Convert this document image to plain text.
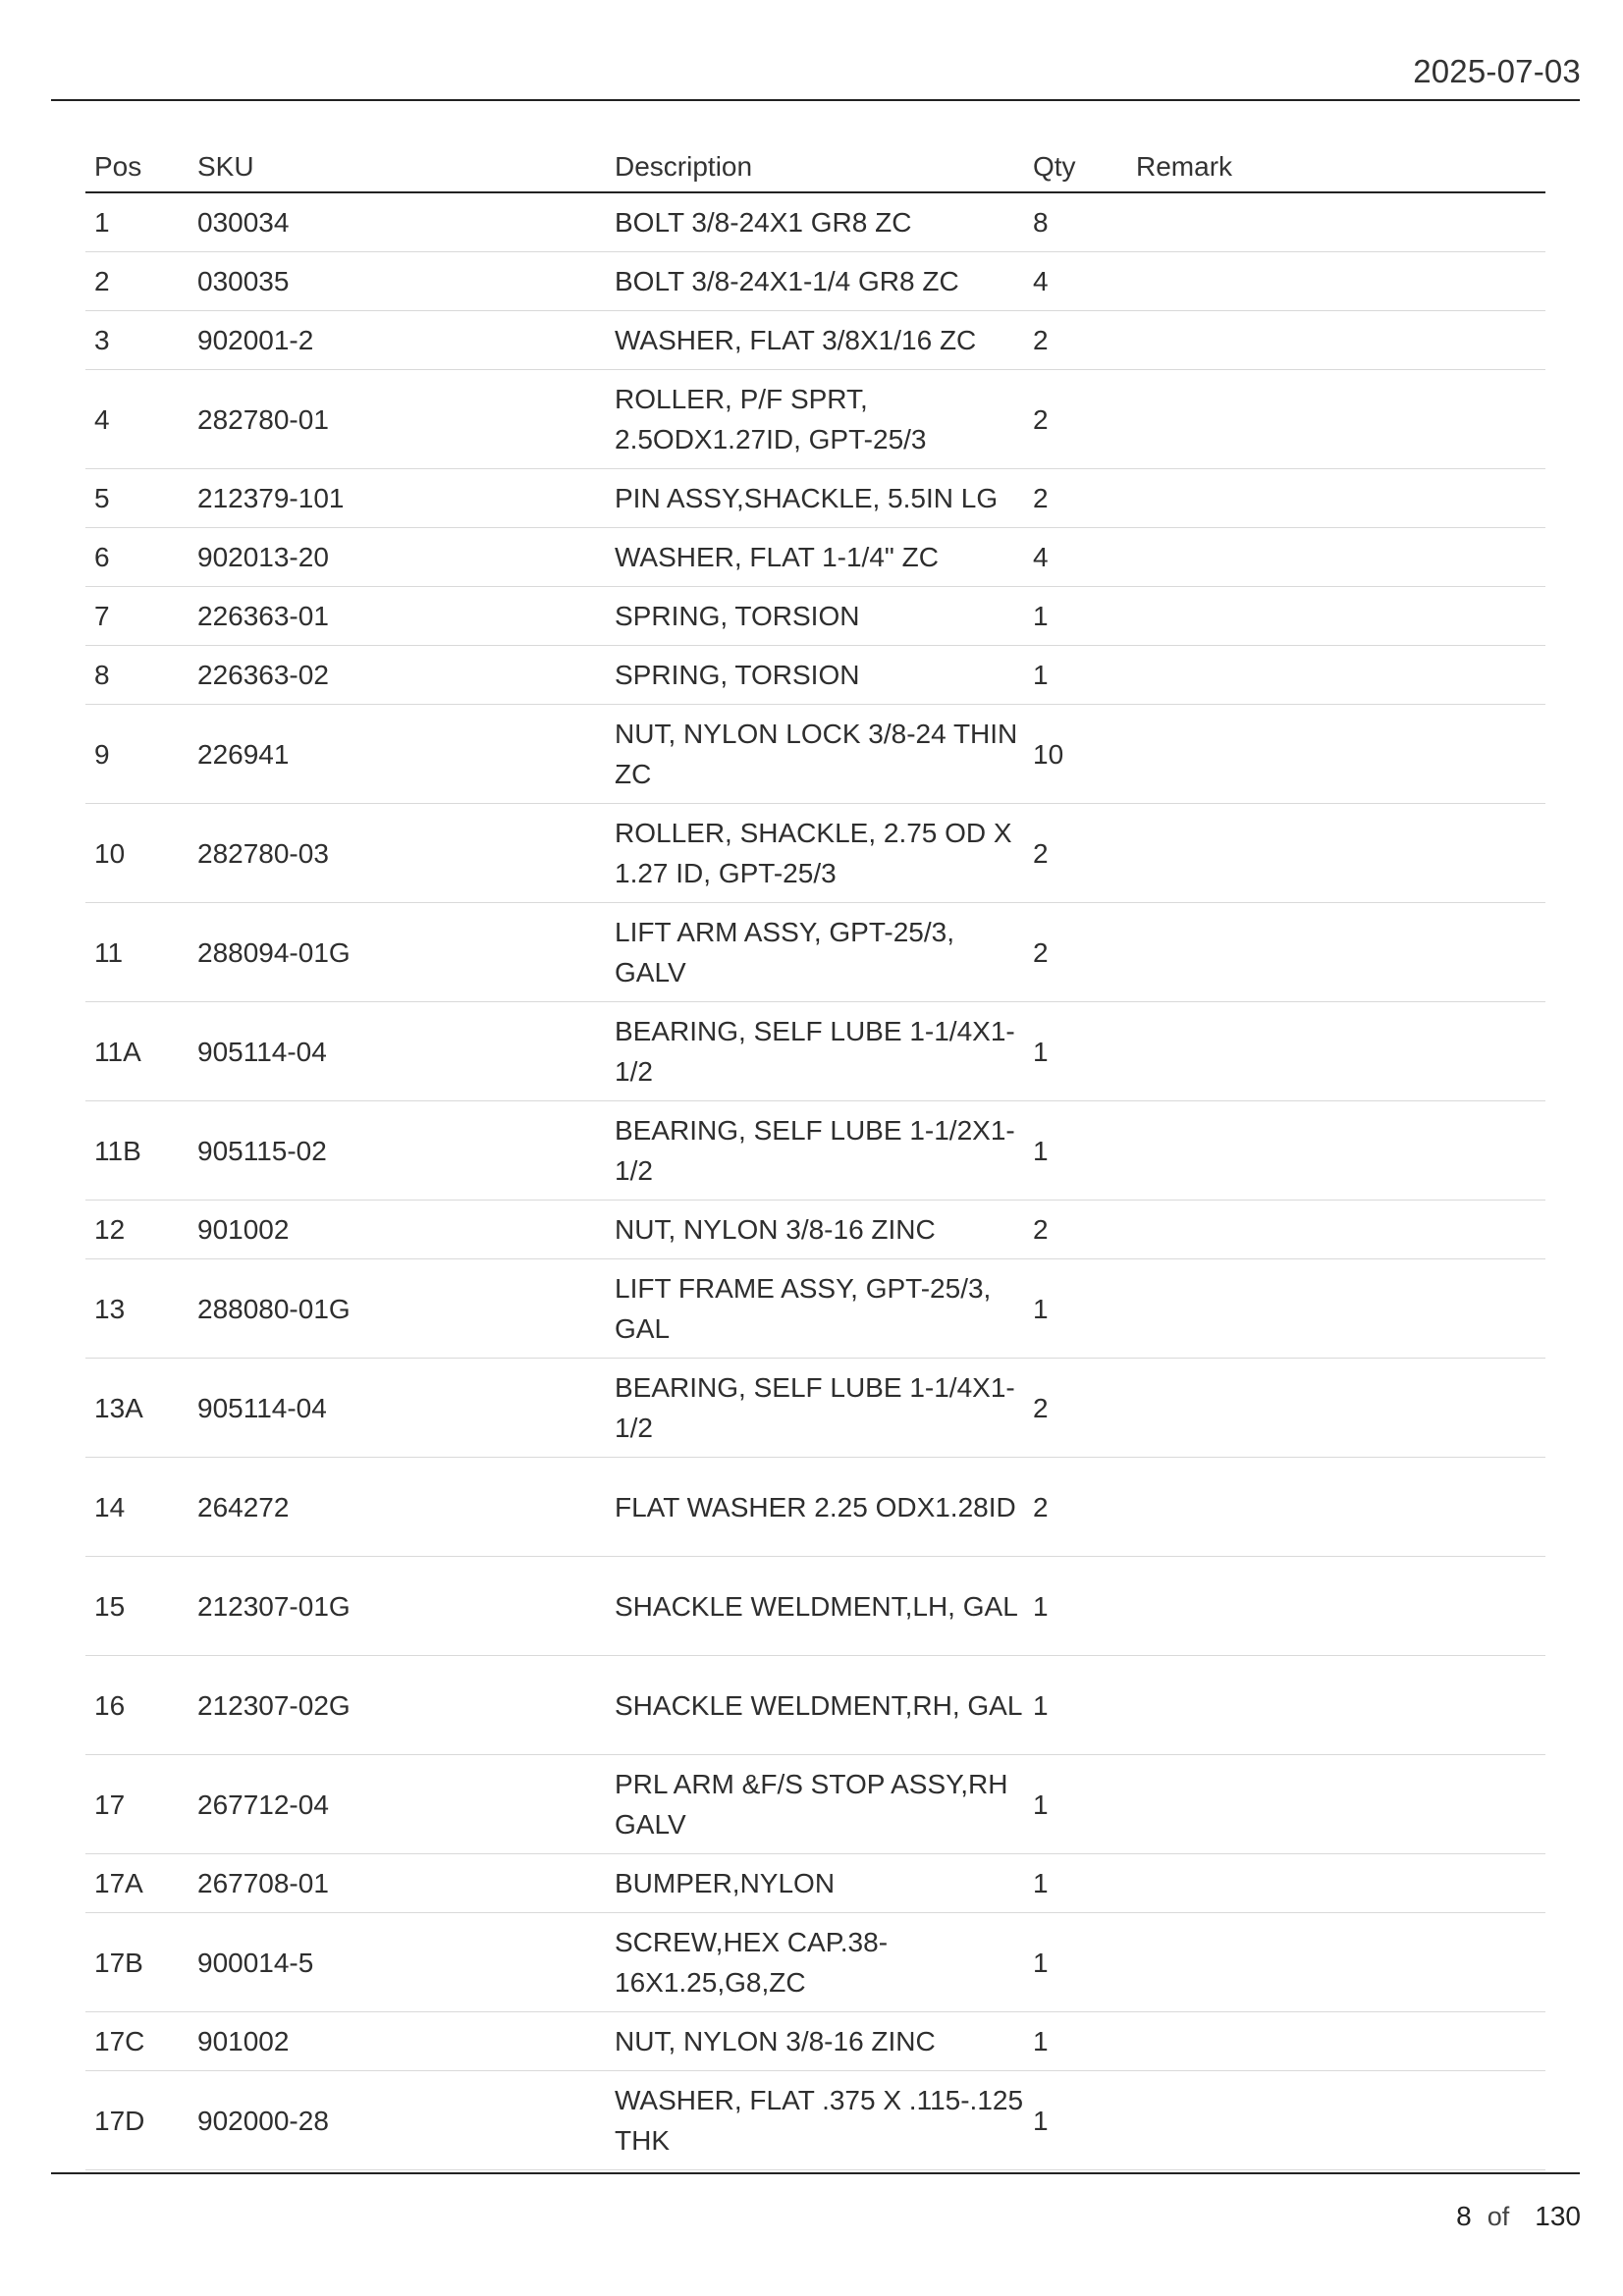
2025-07-03
Pos	SKU	Description	Qty	Remark
1	030034	BOLT 3/8-24X1 GR8 ZC	8	
2	030035	BOLT 3/8-24X1-1/4 GR8 ZC	4	
3	902001-2	WASHER, FLAT 3/8X1/16 ZC	2	
4	282780-01	ROLLER, P/F SPRT, 2.5ODX1.27ID, GPT-25/3	2	
5	212379-101	PIN ASSY,SHACKLE, 5.5IN LG	2	
6	902013-20	WASHER, FLAT 1-1/4" ZC	4	
7	226363-01	SPRING, TORSION	1	
8	226363-02	SPRING, TORSION	1	
9	226941	NUT, NYLON LOCK 3/8-24 THIN ZC	10	
10	282780-03	ROLLER, SHACKLE, 2.75 OD X 1.27 ID, GPT-25/3	2	
11	288094-01G	LIFT ARM ASSY, GPT-25/3, GALV	2	
11A	905114-04	BEARING, SELF LUBE 1-1/4X1-1/2	1	
11B	905115-02	BEARING, SELF LUBE 1-1/2X1-1/2	1	
12	901002	NUT, NYLON 3/8-16 ZINC	2	
13	288080-01G	LIFT FRAME ASSY, GPT-25/3, GAL	1	
13A	905114-04	BEARING, SELF LUBE 1-1/4X1-1/2	2	
14	264272	FLAT WASHER 2.25 ODX1.28ID	2	
15	212307-01G	SHACKLE WELDMENT,LH, GAL	1	
16	212307-02G	SHACKLE WELDMENT,RH, GAL	1	
17	267712-04	PRL ARM &F/S STOP ASSY,RH GALV	1	
17A	267708-01	BUMPER,NYLON	1	
17B	900014-5	SCREW,HEX CAP.38-16X1.25,G8,ZC	1	
17C	901002	NUT, NYLON 3/8-16 ZINC	1	
17D	902000-28	WASHER, FLAT .375 X .115-.125 THK	1	
8 of 130
